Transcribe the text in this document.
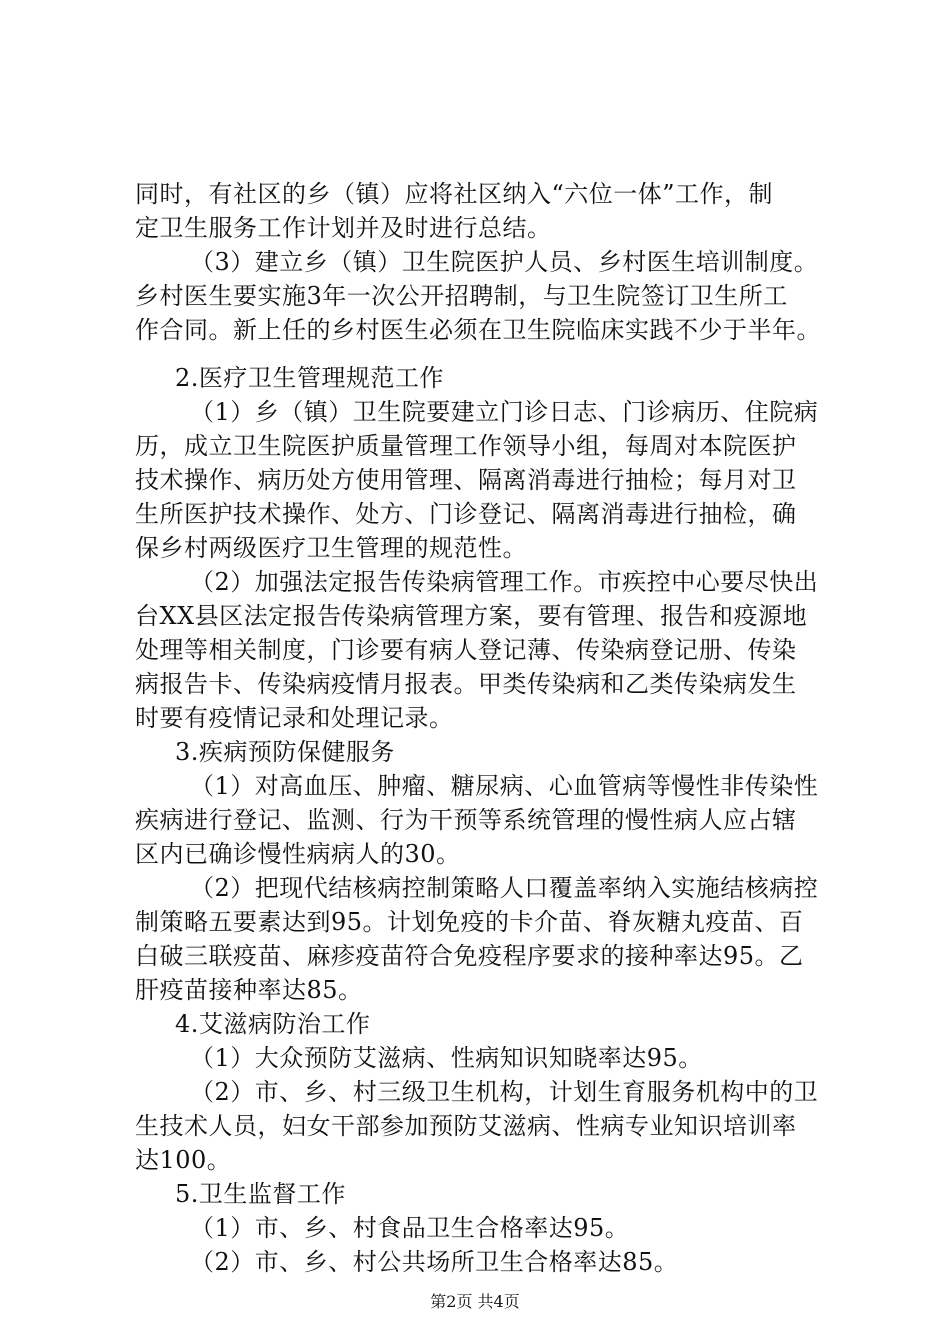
同时，有社区的乡（镇）应将社区纳入“六位一体”工作，制
定卫生服务工作计划并及时进行总结。
（3）建立乡（镇）卫生院医护人员、乡村医生培训制度。
乡村医生要实施3年一次公开招聘制，与卫生院签订卫生所工
作合同。新上任的乡村医生必须在卫生院临床实践不少于半年。
2.医疗卫生管理规范工作
（1）乡（镇）卫生院要建立门诊日志、门诊病历、住院病
历，成立卫生院医护质量管理工作领导小组，每周对本院医护
技术操作、病历处方使用管理、隔离消毒进行抽检；每月对卫
生所医护技术操作、处方、门诊登记、隔离消毒进行抽检，确
保乡村两级医疗卫生管理的规范性。
（2）加强法定报告传染病管理工作。市疾控中心要尽快出
台XX县区法定报告传染病管理方案，要有管理、报告和疫源地
处理等相关制度，门诊要有病人登记薄、传染病登记册、传染
病报告卡、传染病疫情月报表。甲类传染病和乙类传染病发生
时要有疫情记录和处理记录。
3.疾病预防保健服务
（1）对高血压、肿瘤、糖尿病、心血管病等慢性非传染性
疾病进行登记、监测、行为干预等系统管理的慢性病人应占辖
区内已确诊慢性病病人的30。
（2）把现代结核病控制策略人口覆盖率纳入实施结核病控
制策略五要素达到95。计划免疫的卡介苗、脊灰糖丸疫苗、百
白破三联疫苗、麻疹疫苗符合免疫程序要求的接种率达95。乙
肝疫苗接种率达85。
4.艾滋病防治工作
（1）大众预防艾滋病、性病知识知晓率达95。
（2）市、乡、村三级卫生机构，计划生育服务机构中的卫
生技术人员，妇女干部参加预防艾滋病、性病专业知识培训率
达100。
5.卫生监督工作
（1）市、乡、村食品卫生合格率达95。
（2）市、乡、村公共场所卫生合格率达85。
第2页 共4页
